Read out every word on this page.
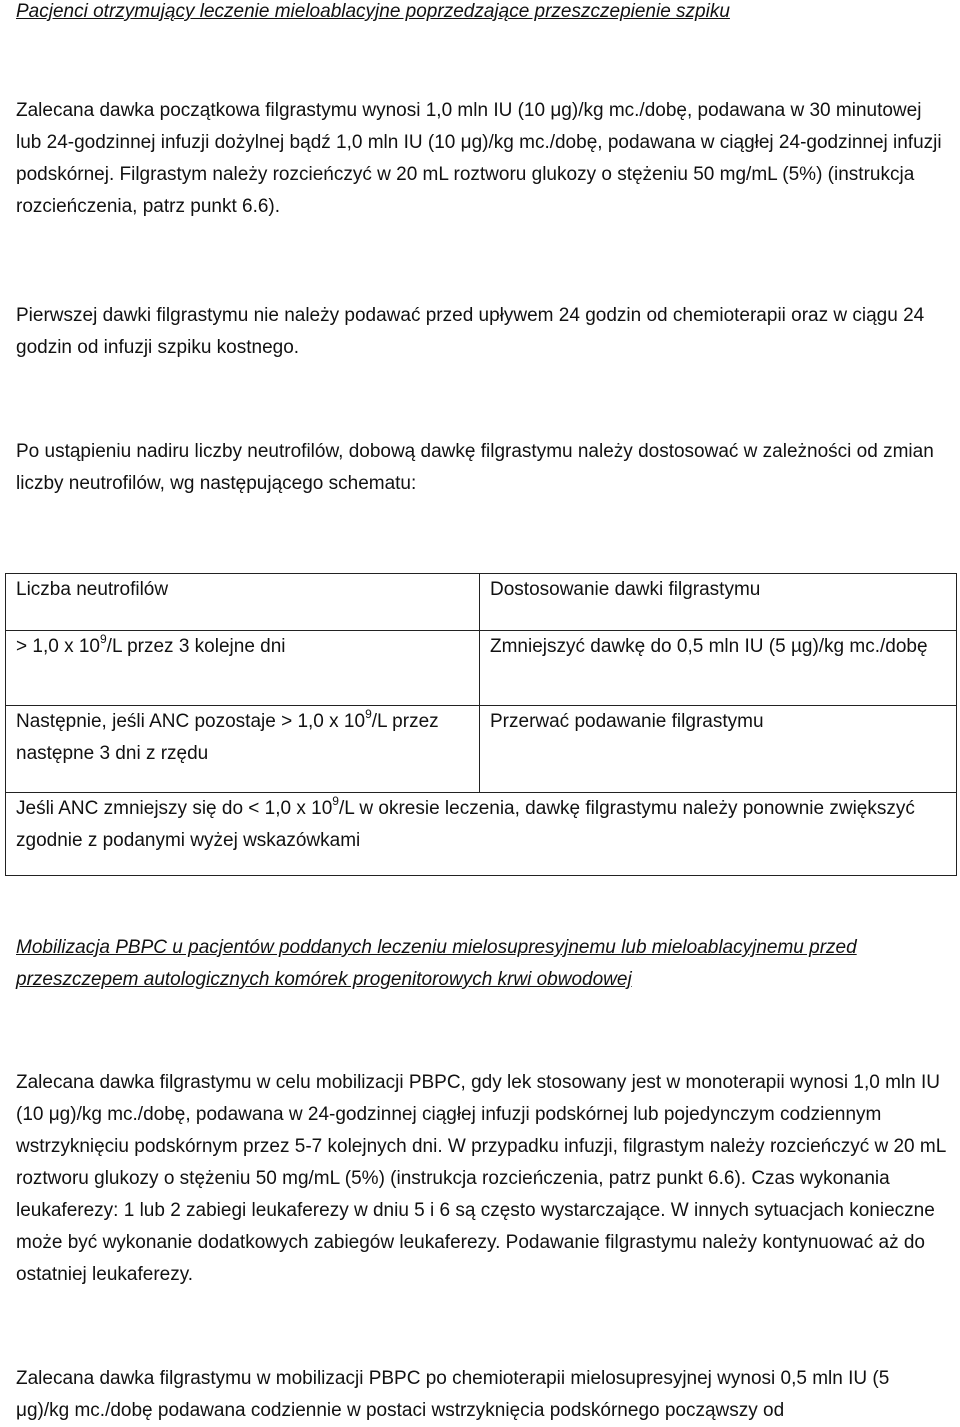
Pacjenci otrzymujący leczenie mieloablacyjne poprzedzające przeszczepienie szpiku

Zalecana dawka początkowa filgrastymu wynosi 1,0 mln IU (10 μg)/kg mc./dobę, podawana w 30 minutowej lub 24-godzinnej infuzji dożylnej bądź 1,0 mln IU (10 μg)/kg mc./dobę, podawana w ciągłej 24-godzinnej infuzji podskórnej. Filgrastym należy rozcieńczyć w 20 mL roztworu glukozy o stężeniu 50 mg/mL (5%) (instrukcja rozcieńczenia, patrz punkt 6.6).

Pierwszej dawki filgrastymu nie należy podawać przed upływem 24 godzin od chemioterapii oraz w ciągu 24 godzin od infuzji szpiku kostnego.

Po ustąpieniu nadiru liczby neutrofilów, dobową dawkę filgrastymu należy dostosować w zależności od zmian liczby neutrofilów, wg następującego schematu:

Liczba neutrofilów	Dostosowanie dawki filgrastymu
> 1,0 x $10^9/L$ przez 3 kolejne dni	Zmniejszyć dawkę do 0,5 mln IU (5 µg)/kg mc./dobę
Następnie, jeśli ANC pozostaje > 1,0 x $10^9/L$ przez następne 3 dni z rzędu	Przerwać podawanie filgrastymu
Jeśli ANC zmniejszy się do < 1,0 x $10^9/L$ w okresie leczenia, dawkę filgrastymu należy ponownie zwiększyć zgodnie z podanymi wyżej wskazówkami	

Mobilizacja PBPC u pacjentów poddanych leczeniu mielosupresyjnemu lub mieloablacyjnemu przed przeszczepem autologicznych komórek progenitorowych krwi obwodowej

Zalecana dawka filgrastymu w celu mobilizacji PBPC, gdy lek stosowany jest w monoterapii wynosi 1,0 mln IU (10 μg)/kg mc./dobę, podawana w 24-godzinnej ciągłej infuzji podskórnej lub pojedynczym codziennym wstrzyknięciu podskórnym przez 5-7 kolejnych dni. W przypadku infuzji, filgrastym należy rozcieńczyć w 20 mL roztworu glukozy o stężeniu 50 mg/mL (5%) (instrukcja rozcieńczenia, patrz punkt 6.6). Czas wykonania leukaferezy: 1 lub 2 zabiegi leukaferezy w dniu 5 i 6 są często wystarczające. W innych sytuacjach konieczne może być wykonanie dodatkowych zabiegów leukaferezy. Podawanie filgrastymu należy kontynuować aż do ostatniej leukaferezy.

Zalecana dawka filgrastymu w mobilizacji PBPC po chemioterapii mielosupresyjnej wynosi 0,5 mln IU (5 μg)/kg mc./dobę podawana codziennie w postaci wstrzyknięcia podskórnego począwszy od
